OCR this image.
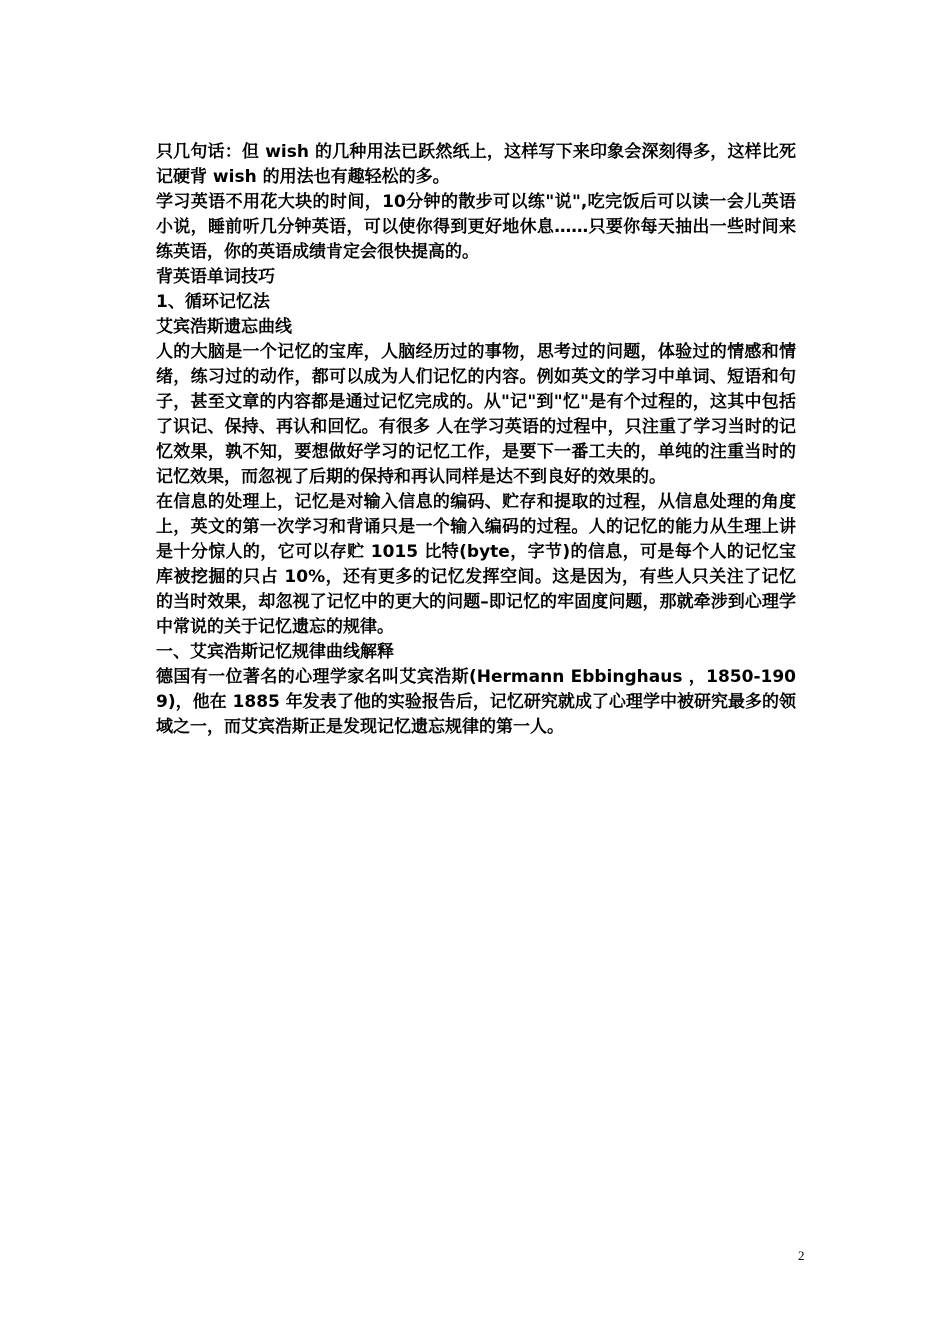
只几句话：但 wish 的几种用法已跃然纸上，这样写下来印象会深刻得多，这样比死记硬背 wish 的用法也有趣轻松的多。

学习英语不用花大块的时间，10分钟的散步可以练"说",吃完饭后可以读一会儿英语小说，睡前听几分钟英语，可以使你得到更好地休息……只要你每天抽出一些时间来练英语，你的英语成绩肯定会很快提高的。

背英语单词技巧

1、循环记忆法

艾宾浩斯遗忘曲线

人的大脑是一个记忆的宝库，人脑经历过的事物，思考过的问题，体验过的情感和情绪，练习过的动作，都可以成为人们记忆的内容。例如英文的学习中单词、短语和句子，甚至文章的内容都是通过记忆完成的。从"记"到"忆"是有个过程的，这其中包括了识记、保持、再认和回忆。有很多 人在学习英语的过程中，只注重了学习当时的记忆效果，孰不知，要想做好学习的记忆工作，是要下一番工夫的，单纯的注重当时的记忆效果，而忽视了后期的保持和再认同样是达不到良好的效果的。

在信息的处理上，记忆是对输入信息的编码、贮存和提取的过程，从信息处理的角度上，英文的第一次学习和背诵只是一个输入编码的过程。人的记忆的能力从生理上讲是十分惊人的，它可以存贮 1015 比特(byte，字节)的信息，可是每个人的记忆宝库被挖掘的只占 10%，还有更多的记忆发挥空间。这是因为，有些人只关注了记忆的当时效果，却忽视了记忆中的更大的问题–即记忆的牢固度问题，那就牵涉到心理学中常说的关于记忆遗忘的规律。

一、艾宾浩斯记忆规律曲线解释

德国有一位著名的心理学家名叫艾宾浩斯(Hermann Ebbinghaus ，1850-1909)，他在 1885 年发表了他的实验报告后，记忆研究就成了心理学中被研究最多的领域之一，而艾宾浩斯正是发现记忆遗忘规律的第一人。

2
